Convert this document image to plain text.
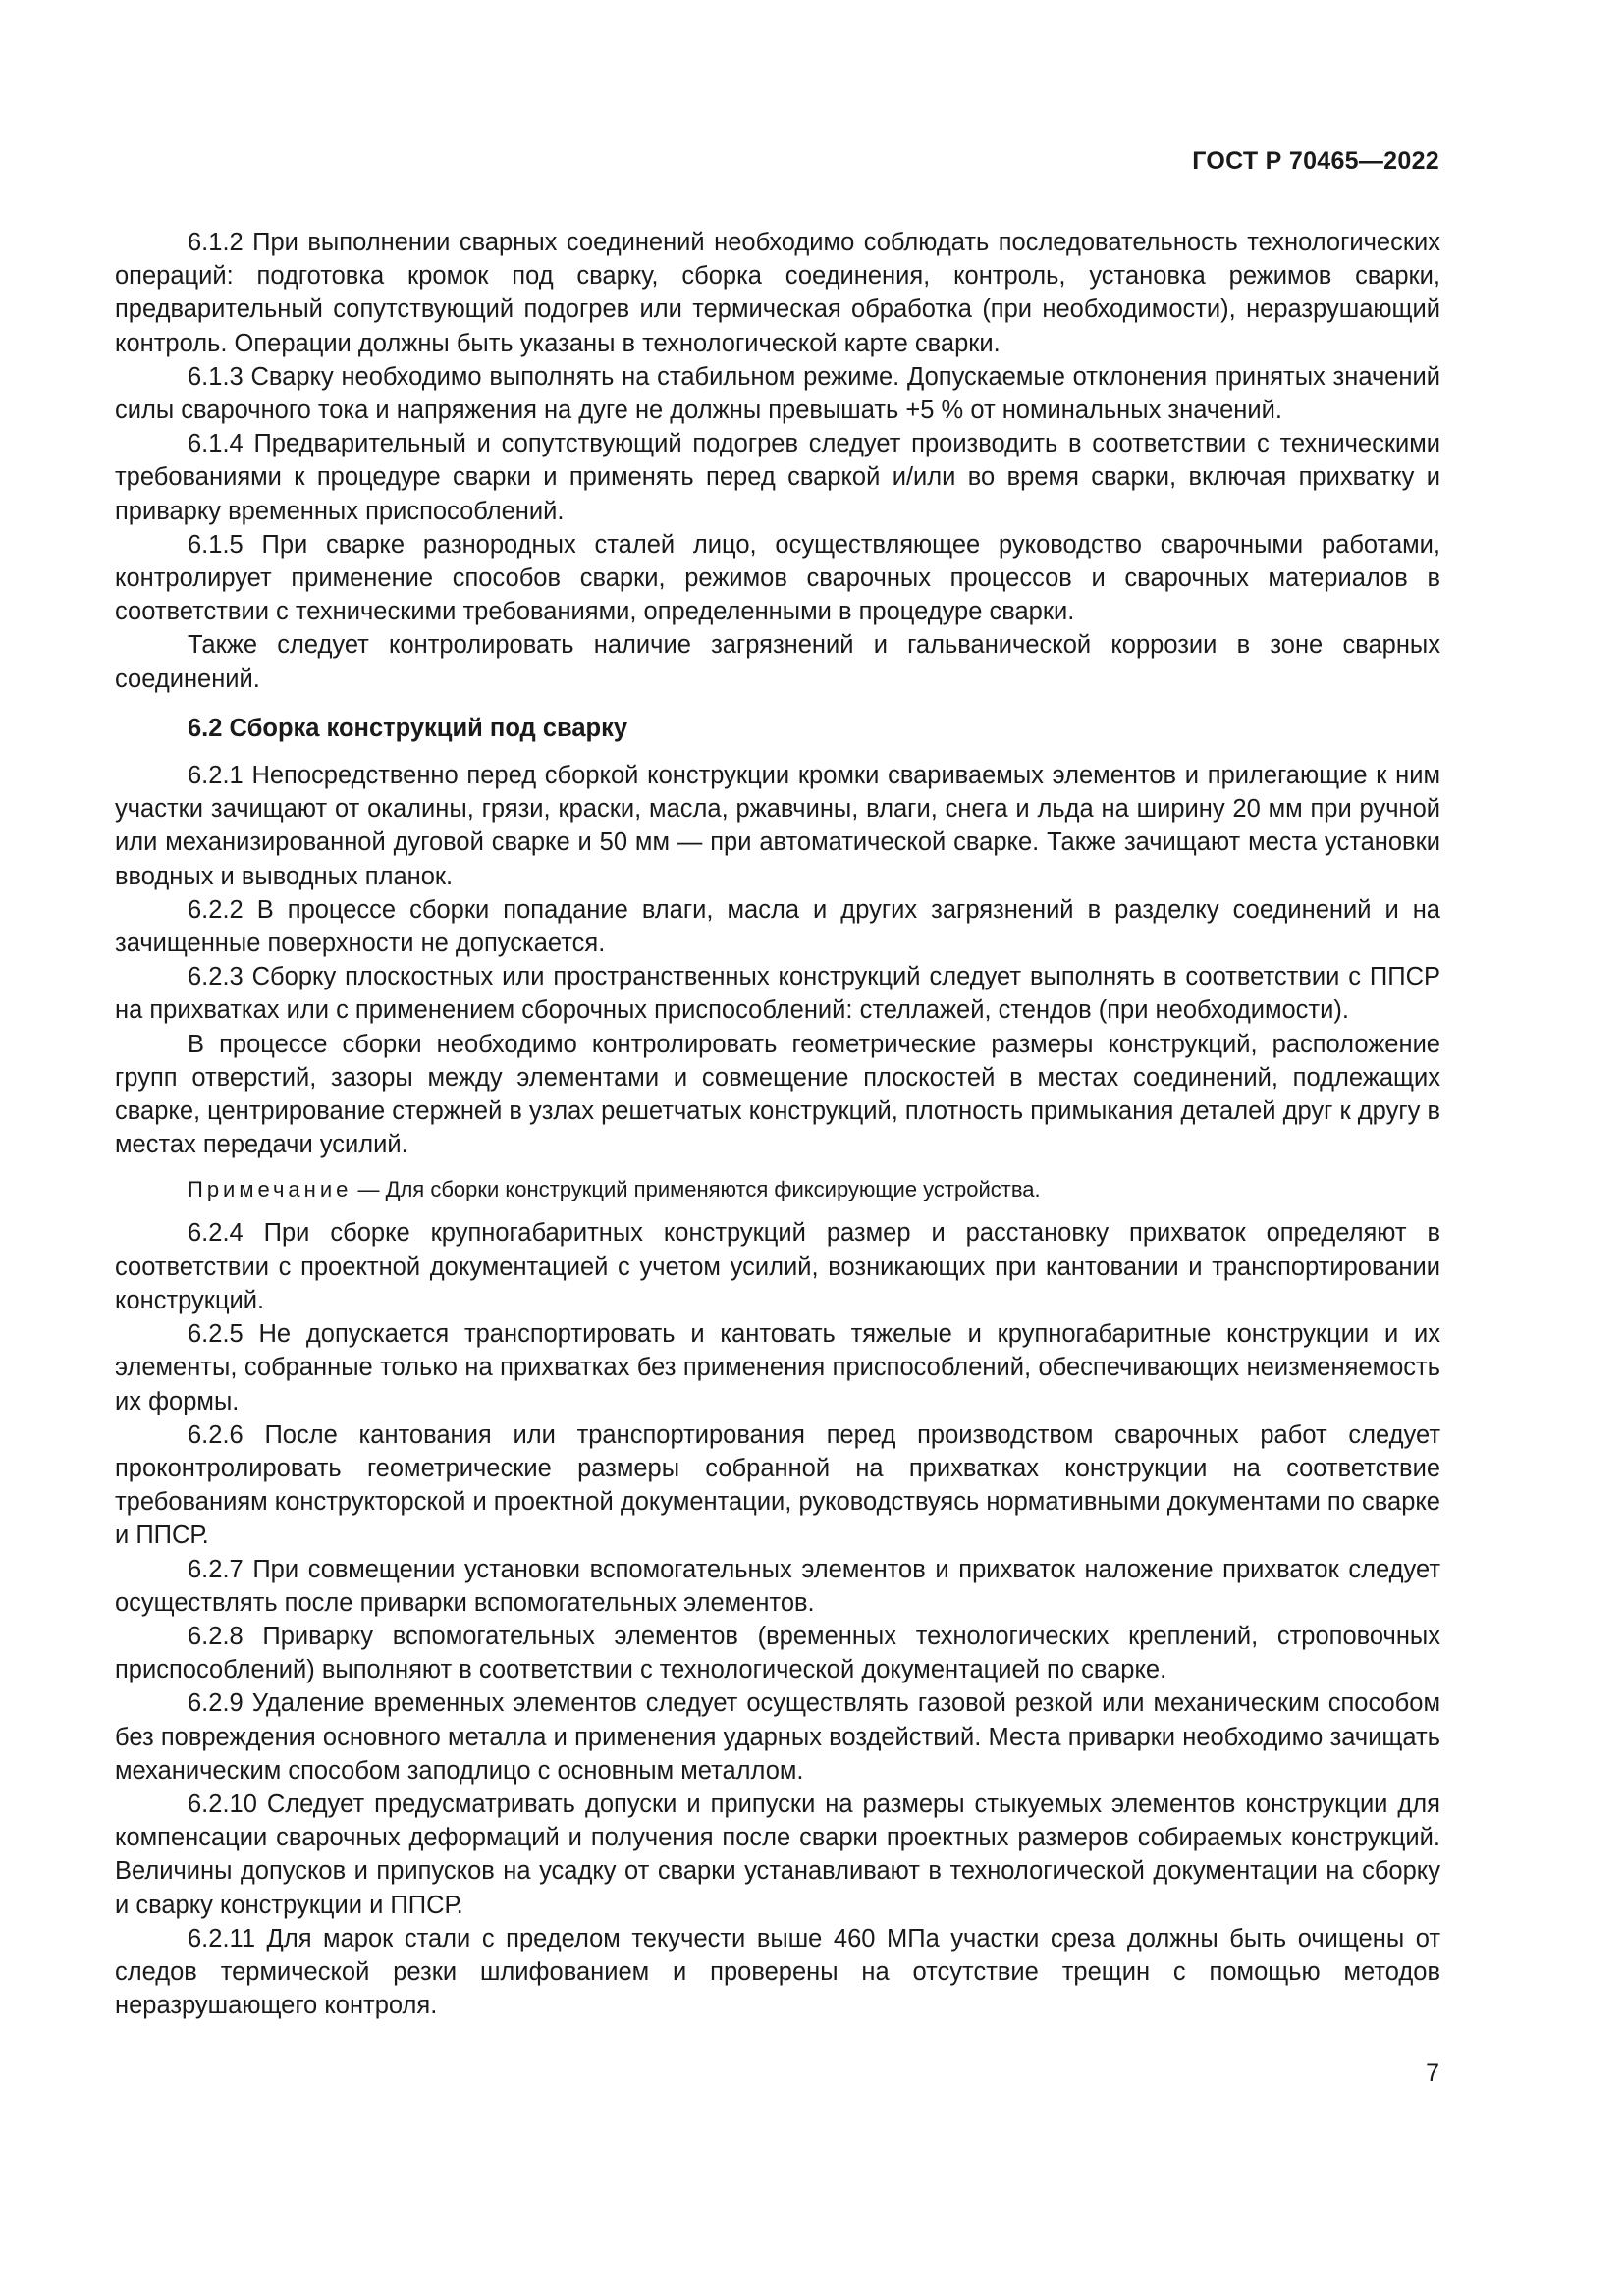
ГОСТ Р 70465—2022

6.1.2 При выполнении сварных соединений необходимо соблюдать последовательность технологических операций: подготовка кромок под сварку, сборка соединения, контроль, установка режимов сварки, предварительный сопутствующий подогрев или термическая обработка (при необходимости), неразрушающий контроль. Операции должны быть указаны в технологической карте сварки.

6.1.3 Сварку необходимо выполнять на стабильном режиме. Допускаемые отклонения принятых значений силы сварочного тока и напряжения на дуге не должны превышать +5 % от номинальных значений.

6.1.4 Предварительный и сопутствующий подогрев следует производить в соответствии с техническими требованиями к процедуре сварки и применять перед сваркой и/или во время сварки, включая прихватку и приварку временных приспособлений.

6.1.5 При сварке разнородных сталей лицо, осуществляющее руководство сварочными работами, контролирует применение способов сварки, режимов сварочных процессов и сварочных материалов в соответствии с техническими требованиями, определенными в процедуре сварки.

Также следует контролировать наличие загрязнений и гальванической коррозии в зоне сварных соединений.

6.2 Сборка конструкций под сварку

6.2.1 Непосредственно перед сборкой конструкции кромки свариваемых элементов и прилегающие к ним участки зачищают от окалины, грязи, краски, масла, ржавчины, влаги, снега и льда на ширину 20 мм при ручной или механизированной дуговой сварке и 50 мм — при автоматической сварке. Также зачищают места установки вводных и выводных планок.

6.2.2 В процессе сборки попадание влаги, масла и других загрязнений в разделку соединений и на зачищенные поверхности не допускается.

6.2.3 Сборку плоскостных или пространственных конструкций следует выполнять в соответствии с ППСР на прихватках или с применением сборочных приспособлений: стеллажей, стендов (при необходимости).

В процессе сборки необходимо контролировать геометрические размеры конструкций, расположение групп отверстий, зазоры между элементами и совмещение плоскостей в местах соединений, подлежащих сварке, центрирование стержней в узлах решетчатых конструкций, плотность примыкания деталей друг к другу в местах передачи усилий.

Примечание — Для сборки конструкций применяются фиксирующие устройства.

6.2.4 При сборке крупногабаритных конструкций размер и расстановку прихваток определяют в соответствии с проектной документацией с учетом усилий, возникающих при кантовании и транспортировании конструкций.

6.2.5 Не допускается транспортировать и кантовать тяжелые и крупногабаритные конструкции и их элементы, собранные только на прихватках без применения приспособлений, обеспечивающих неизменяемость их формы.

6.2.6 После кантования или транспортирования перед производством сварочных работ следует проконтролировать геометрические размеры собранной на прихватках конструкции на соответствие требованиям конструкторской и проектной документации, руководствуясь нормативными документами по сварке и ППСР.

6.2.7 При совмещении установки вспомогательных элементов и прихваток наложение прихваток следует осуществлять после приварки вспомогательных элементов.

6.2.8 Приварку вспомогательных элементов (временных технологических креплений, строповочных приспособлений) выполняют в соответствии с технологической документацией по сварке.

6.2.9 Удаление временных элементов следует осуществлять газовой резкой или механическим способом без повреждения основного металла и применения ударных воздействий. Места приварки необходимо зачищать механическим способом заподлицо с основным металлом.

6.2.10 Следует предусматривать допуски и припуски на размеры стыкуемых элементов конструкции для компенсации сварочных деформаций и получения после сварки проектных размеров собираемых конструкций. Величины допусков и припусков на усадку от сварки устанавливают в технологической документации на сборку и сварку конструкции и ППСР.

6.2.11 Для марок стали с пределом текучести выше 460 МПа участки среза должны быть очищены от следов термической резки шлифованием и проверены на отсутствие трещин с помощью методов неразрушающего контроля.

7
